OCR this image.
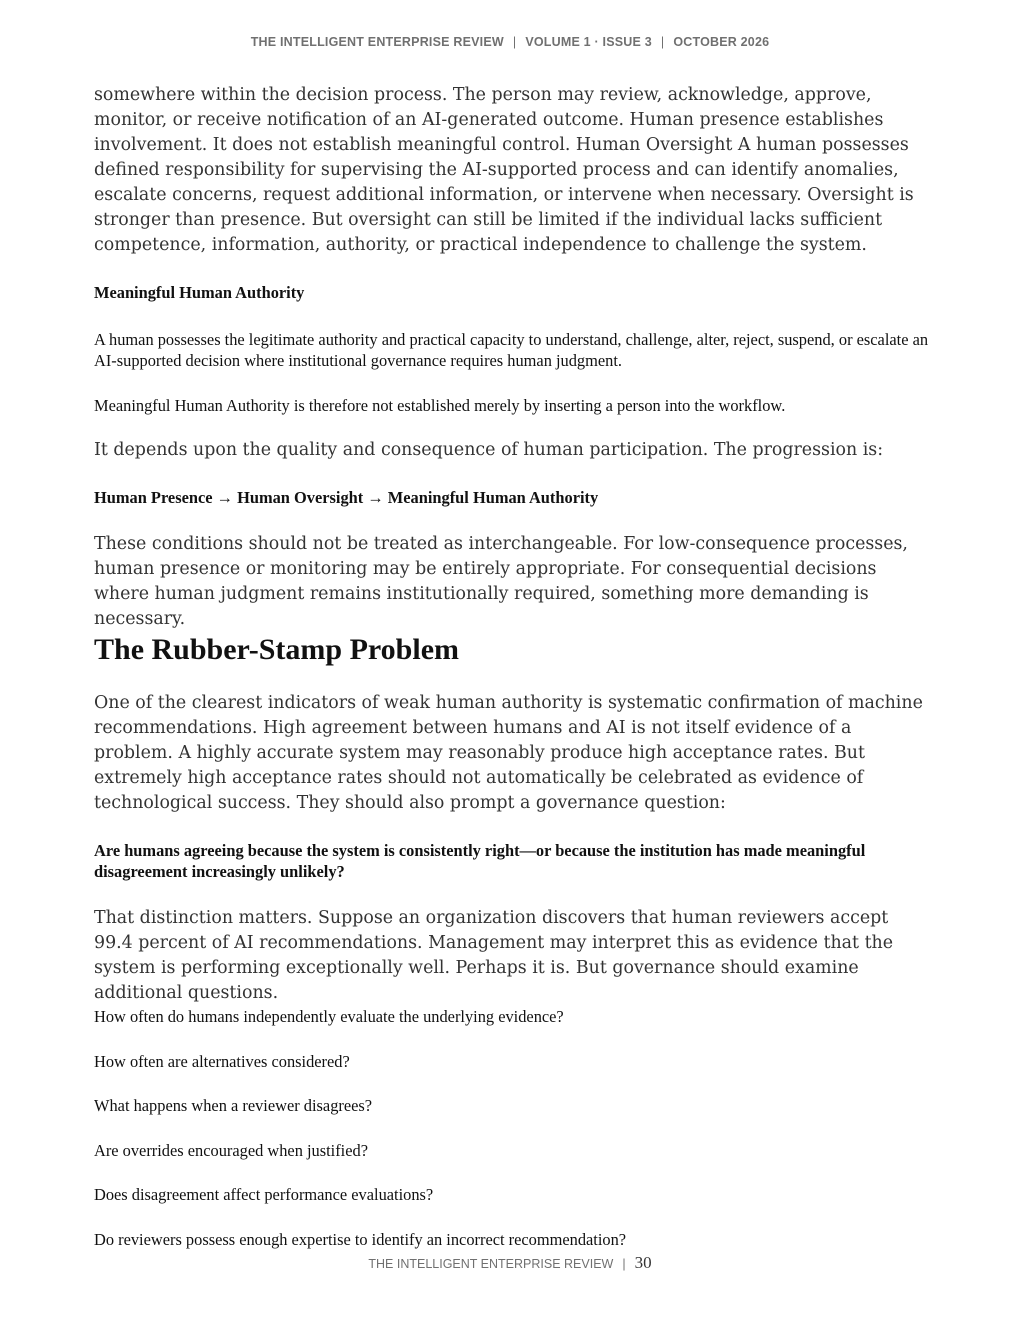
THE INTELLIGENT ENTERPRISE REVIEW | VOLUME 1 · ISSUE 3 | OCTOBER 2026

somewhere within the decision process. The person may review, acknowledge, approve, monitor, or receive notification of an AI-generated outcome. Human presence establishes involvement. It does not establish meaningful control. Human Oversight A human possesses defined responsibility for supervising the AI-supported process and can identify anomalies, escalate concerns, request additional information, or intervene when necessary. Oversight is stronger than presence. But oversight can still be limited if the individual lacks sufficient competence, information, authority, or practical independence to challenge the system.

Meaningful Human Authority

A human possesses the legitimate authority and practical capacity to understand, challenge, alter, reject, suspend, or escalate an AI-supported decision where institutional governance requires human judgment.

Meaningful Human Authority is therefore not established merely by inserting a person into the workflow.

It depends upon the quality and consequence of human participation. The progression is:

Human Presence → Human Oversight → Meaningful Human Authority

These conditions should not be treated as interchangeable. For low-consequence processes, human presence or monitoring may be entirely appropriate. For consequential decisions where human judgment remains institutionally required, something more demanding is necessary.

The Rubber-Stamp Problem

One of the clearest indicators of weak human authority is systematic confirmation of machine recommendations. High agreement between humans and AI is not itself evidence of a problem. A highly accurate system may reasonably produce high acceptance rates. But extremely high acceptance rates should not automatically be celebrated as evidence of technological success. They should also prompt a governance question:

Are humans agreeing because the system is consistently right—or because the institution has made meaningful disagreement increasingly unlikely?

That distinction matters. Suppose an organization discovers that human reviewers accept 99.4 percent of AI recommendations. Management may interpret this as evidence that the system is performing exceptionally well. Perhaps it is. But governance should examine additional questions.

How often do humans independently evaluate the underlying evidence?
How often are alternatives considered?
What happens when a reviewer disagrees?
Are overrides encouraged when justified?
Does disagreement affect performance evaluations?
Do reviewers possess enough expertise to identify an incorrect recommendation?
THE INTELLIGENT ENTERPRISE REVIEW | 30
